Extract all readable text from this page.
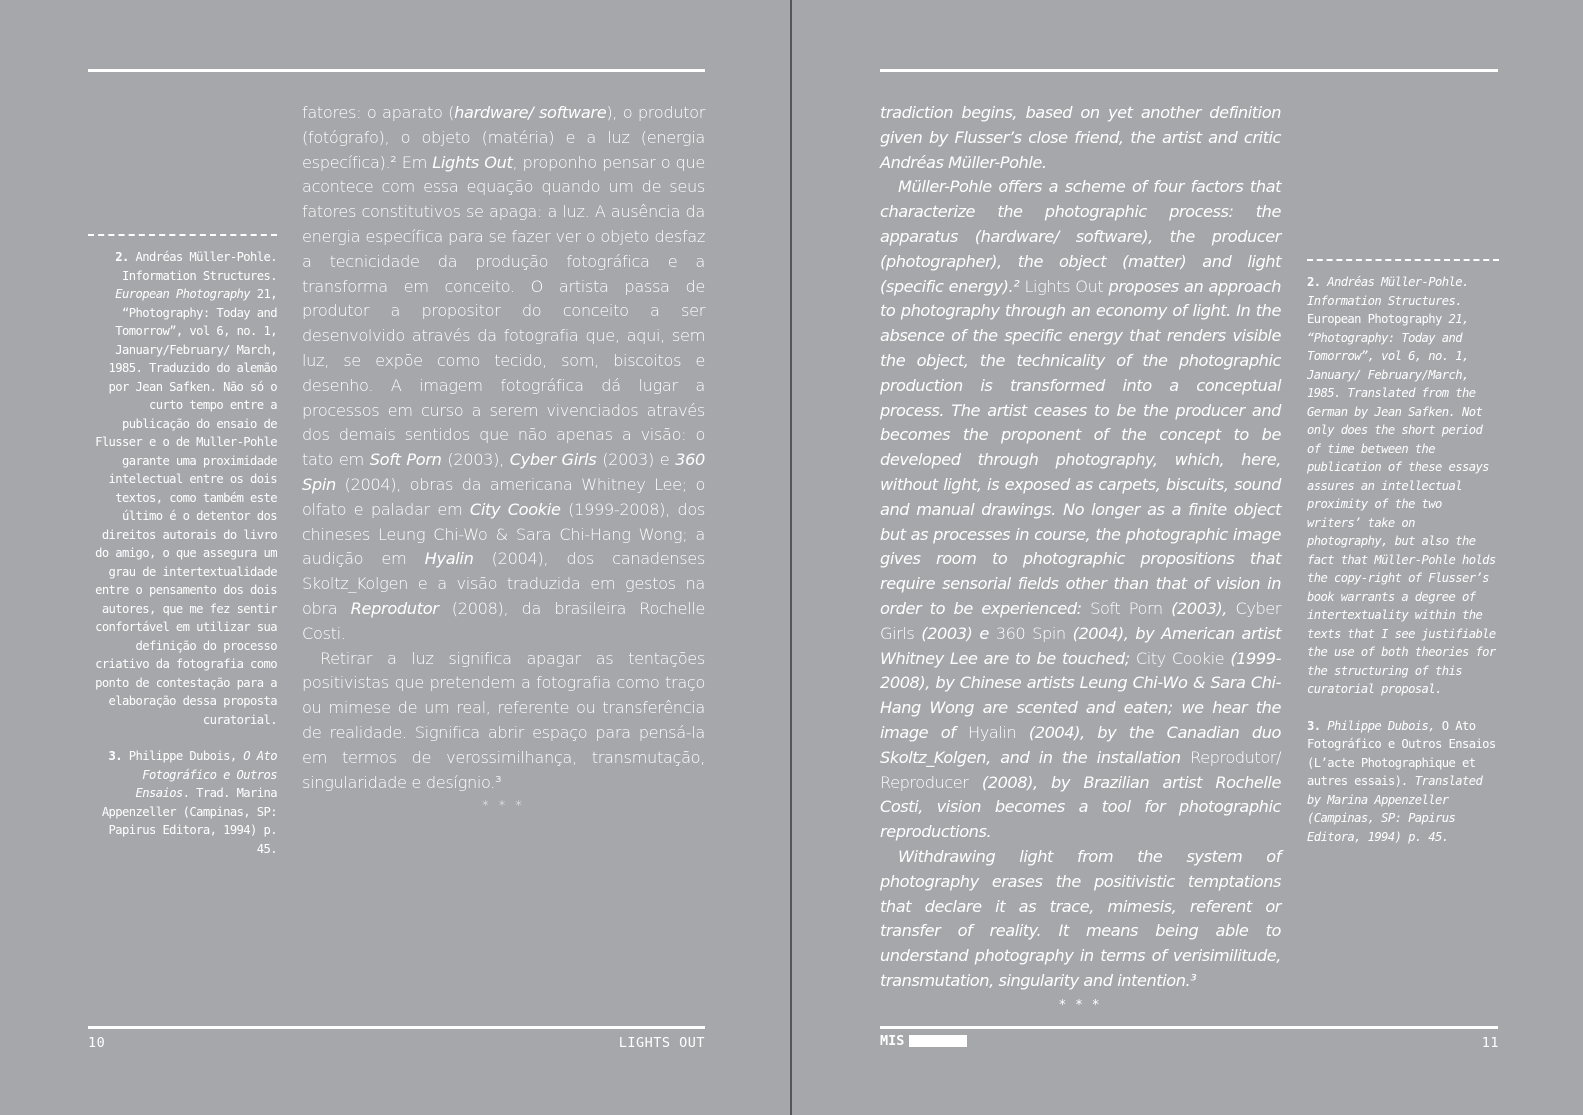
2. Andréas Müller-Pohle. Information Structures. European Photography 21, “Photography: Today and Tomorrow”, vol 6, no. 1, January/February/ March, 1985. Traduzido do alemão por Jean Safken. Não só o curto tempo entre a publicação do ensaio de Flusser e o de Muller-Pohle garante uma proximidade intelectual entre os dois textos, como também este último é o detentor dos direitos autorais do livro do amigo, o que assegura um grau de intertextualidade entre o pensamento dos dois autores, que me fez sentir confortável em utilizar sua definição do processo criativo da fotografia como ponto de contestação para a elaboração dessa proposta curatorial.

3. Philippe Dubois, O Ato Fotográfico e Outros Ensaios. Trad. Marina Appenzeller (Campinas, SP: Papirus Editora, 1994) p. 45.

fatores: o aparato (hardware/ software), o produtor (fotógrafo), o objeto (matéria) e a luz (energia específica).² Em Lights Out, proponho pensar o que acontece com essa equação quando um de seus fatores constitutivos se apaga: a luz. A ausência da energia específica para se fazer ver o objeto desfaz a tecnicidade da produção fotográfica e a transforma em conceito. O artista passa de produtor a propositor do conceito a ser desenvolvido através da fotografia que, aqui, sem luz, se expõe como tecido, som, biscoitos e desenho. A imagem fotográfica dá lugar a processos em curso a serem vivenciados através dos demais sentidos que não apenas a visão: o tato em Soft Porn (2003), Cyber Girls (2003) e 360 Spin (2004), obras da americana Whitney Lee; o olfato e paladar em City Cookie (1999-2008), dos chineses Leung Chi-Wo & Sara Chi-Hang Wong; a audição em Hyalin (2004), dos canadenses Skoltz_Kolgen e a visão traduzida em gestos na obra Reprodutor (2008), da brasileira Rochelle Costi.

Retirar a luz significa apagar as tentações positivistas que pretendem a fotografia como traço ou mimese de um real, referente ou transferência de realidade. Significa abrir espaço para pensá-la em termos de verossimilhança, transmutação, singularidade e desígnio.³

* * *
10	LIGHTS OUT

tradiction begins, based on yet another definition given by Flusser’s close friend, the artist and critic Andréas Müller-Pohle.

Müller-Pohle offers a scheme of four factors that characterize the photographic process: the apparatus (hardware/ software), the producer (photographer), the object (matter) and light (specific energy).² Lights Out proposes an approach to photography through an economy of light. In the absence of the specific energy that renders visible the object, the technicality of the photographic production is transformed into a conceptual process. The artist ceases to be the producer and becomes the proponent of the concept to be developed through photography, which, here, without light, is exposed as carpets, biscuits, sound and manual drawings. No longer as a finite object but as processes in course, the photographic image gives room to photographic propositions that require sensorial fields other than that of vision in order to be experienced: Soft Porn (2003), Cyber Girls (2003) e 360 Spin (2004), by American artist Whitney Lee are to be touched; City Cookie (1999-2008), by Chinese artists Leung Chi-Wo & Sara Chi-Hang Wong are scented and eaten; we hear the image of Hyalin (2004), by the Canadian duo Skoltz_Kolgen, and in the installation Reprodutor/ Reproducer (2008), by Brazilian artist Rochelle Costi, vision becomes a tool for photographic reproductions.

Withdrawing light from the system of photography erases the positivistic temptations that declare it as trace, mimesis, referent or transfer of reality. It means being able to understand photography in terms of verisimilitude, transmutation, singularity and intention.³

* * *

2. Andréas Müller-Pohle. Information Structures. European Photography 21, “Photography: Today and Tomorrow”, vol 6, no. 1, January/ February/March, 1985. Translated from the German by Jean Safken. Not only does the short period of time between the publication of these essays assures an intellectual proximity of the two writers’ take on photography, but also the fact that Müller-Pohle holds the copy-right of Flusser’s book warrants a degree of intertextuality within the texts that I see justifiable the use of both theories for the structuring of this curatorial proposal.

3. Philippe Dubois, O Ato Fotográfico e Outros Ensaios (L’acte Photographique et autres essais). Translated by Marina Appenzeller (Campinas, SP: Papirus Editora, 1994) p. 45.

MIS	11
